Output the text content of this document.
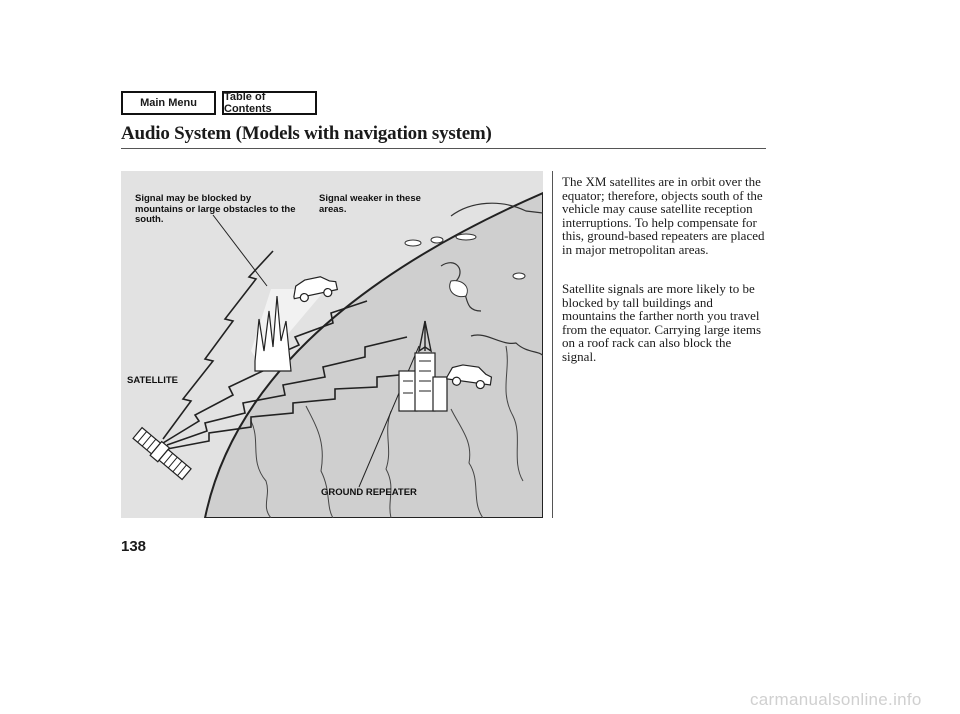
Main Menu	Table of Contents
Audio System (Models with navigation system)
Signal may be blocked by mountains or large obstacles to the south.
Signal weaker in these areas.
SATELLITE
GROUND REPEATER

The XM satellites are in orbit over the equator; therefore, objects south of the vehicle may cause satellite reception interruptions. To help compensate for this, ground-based repeaters are placed in major metropolitan areas.

Satellite signals are more likely to be blocked by tall buildings and mountains the farther north you travel from the equator. Carrying large items on a roof rack can also block the signal.

138
carmanualsonline.info
